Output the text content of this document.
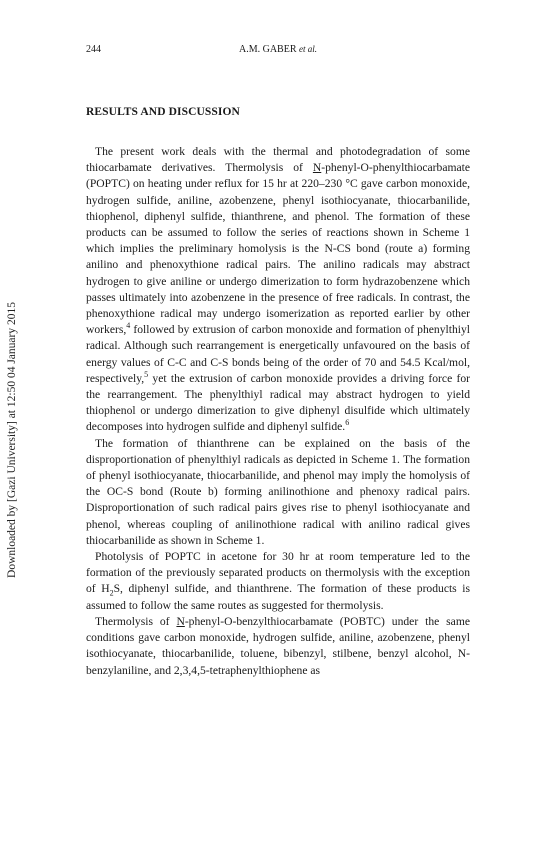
Downloaded by [Gazi University] at 12:50 04 January 2015
244	A.M. GABER et al.
RESULTS AND DISCUSSION

The present work deals with the thermal and photodegradation of some thiocarbamate derivatives. Thermolysis of N-phenyl-O-phenylthiocarbamate (POPTC) on heating under reflux for 15 hr at 220–230 °C gave carbon monoxide, hydrogen sulfide, aniline, azobenzene, phenyl isothiocyanate, thiocarbanilide, thiophenol, diphenyl sulfide, thianthrene, and phenol. The formation of these products can be assumed to follow the series of reactions shown in Scheme 1 which implies the preliminary homolysis is the N-CS bond (route a) forming anilino and phenoxythione radical pairs. The anilino radicals may abstract hydrogen to give aniline or undergo dimerization to form hydrazobenzene which passes ultimately into azobenzene in the presence of free radicals. In contrast, the phenoxythione radical may undergo isomerization as reported earlier by other workers,$^4$ followed by extrusion of carbon monoxide and formation of phenylthiyl radical. Although such rearrangement is energetically unfavoured on the basis of energy values of C-C and C-S bonds being of the order of 70 and 54.5 Kcal/mol, respectively,$^5$ yet the extrusion of carbon monoxide provides a driving force for the rearrangement. The phenylthiyl radical may abstract hydrogen to yield thiophenol or undergo dimerization to give diphenyl disulfide which ultimately decomposes into hydrogen sulfide and diphenyl sulfide.$^6$

The formation of thianthrene can be explained on the basis of the disproportionation of phenylthiyl radicals as depicted in Scheme 1. The formation of phenyl isothiocyanate, thiocarbanilide, and phenol may imply the homolysis of the OC-S bond (Route b) forming anilinothione and phenoxy radical pairs. Disproportionation of such radical pairs gives rise to phenyl isothiocyanate and phenol, whereas coupling of anilinothione radical with anilino radical gives thiocarbanilide as shown in Scheme 1.

Photolysis of POPTC in acetone for 30 hr at room temperature led to the formation of the previously separated products on thermolysis with the exception of $H_2S$, diphenyl sulfide, and thianthrene. The formation of these products is assumed to follow the same routes as suggested for thermolysis.

Thermolysis of N-phenyl-O-benzylthiocarbamate (POBTC) under the same conditions gave carbon monoxide, hydrogen sulfide, aniline, azobenzene, phenyl isothiocyanate, thiocarbanilide, toluene, bibenzyl, stilbene, benzyl alcohol, N-benzylaniline, and 2,3,4,5-tetraphenylthiophene as
